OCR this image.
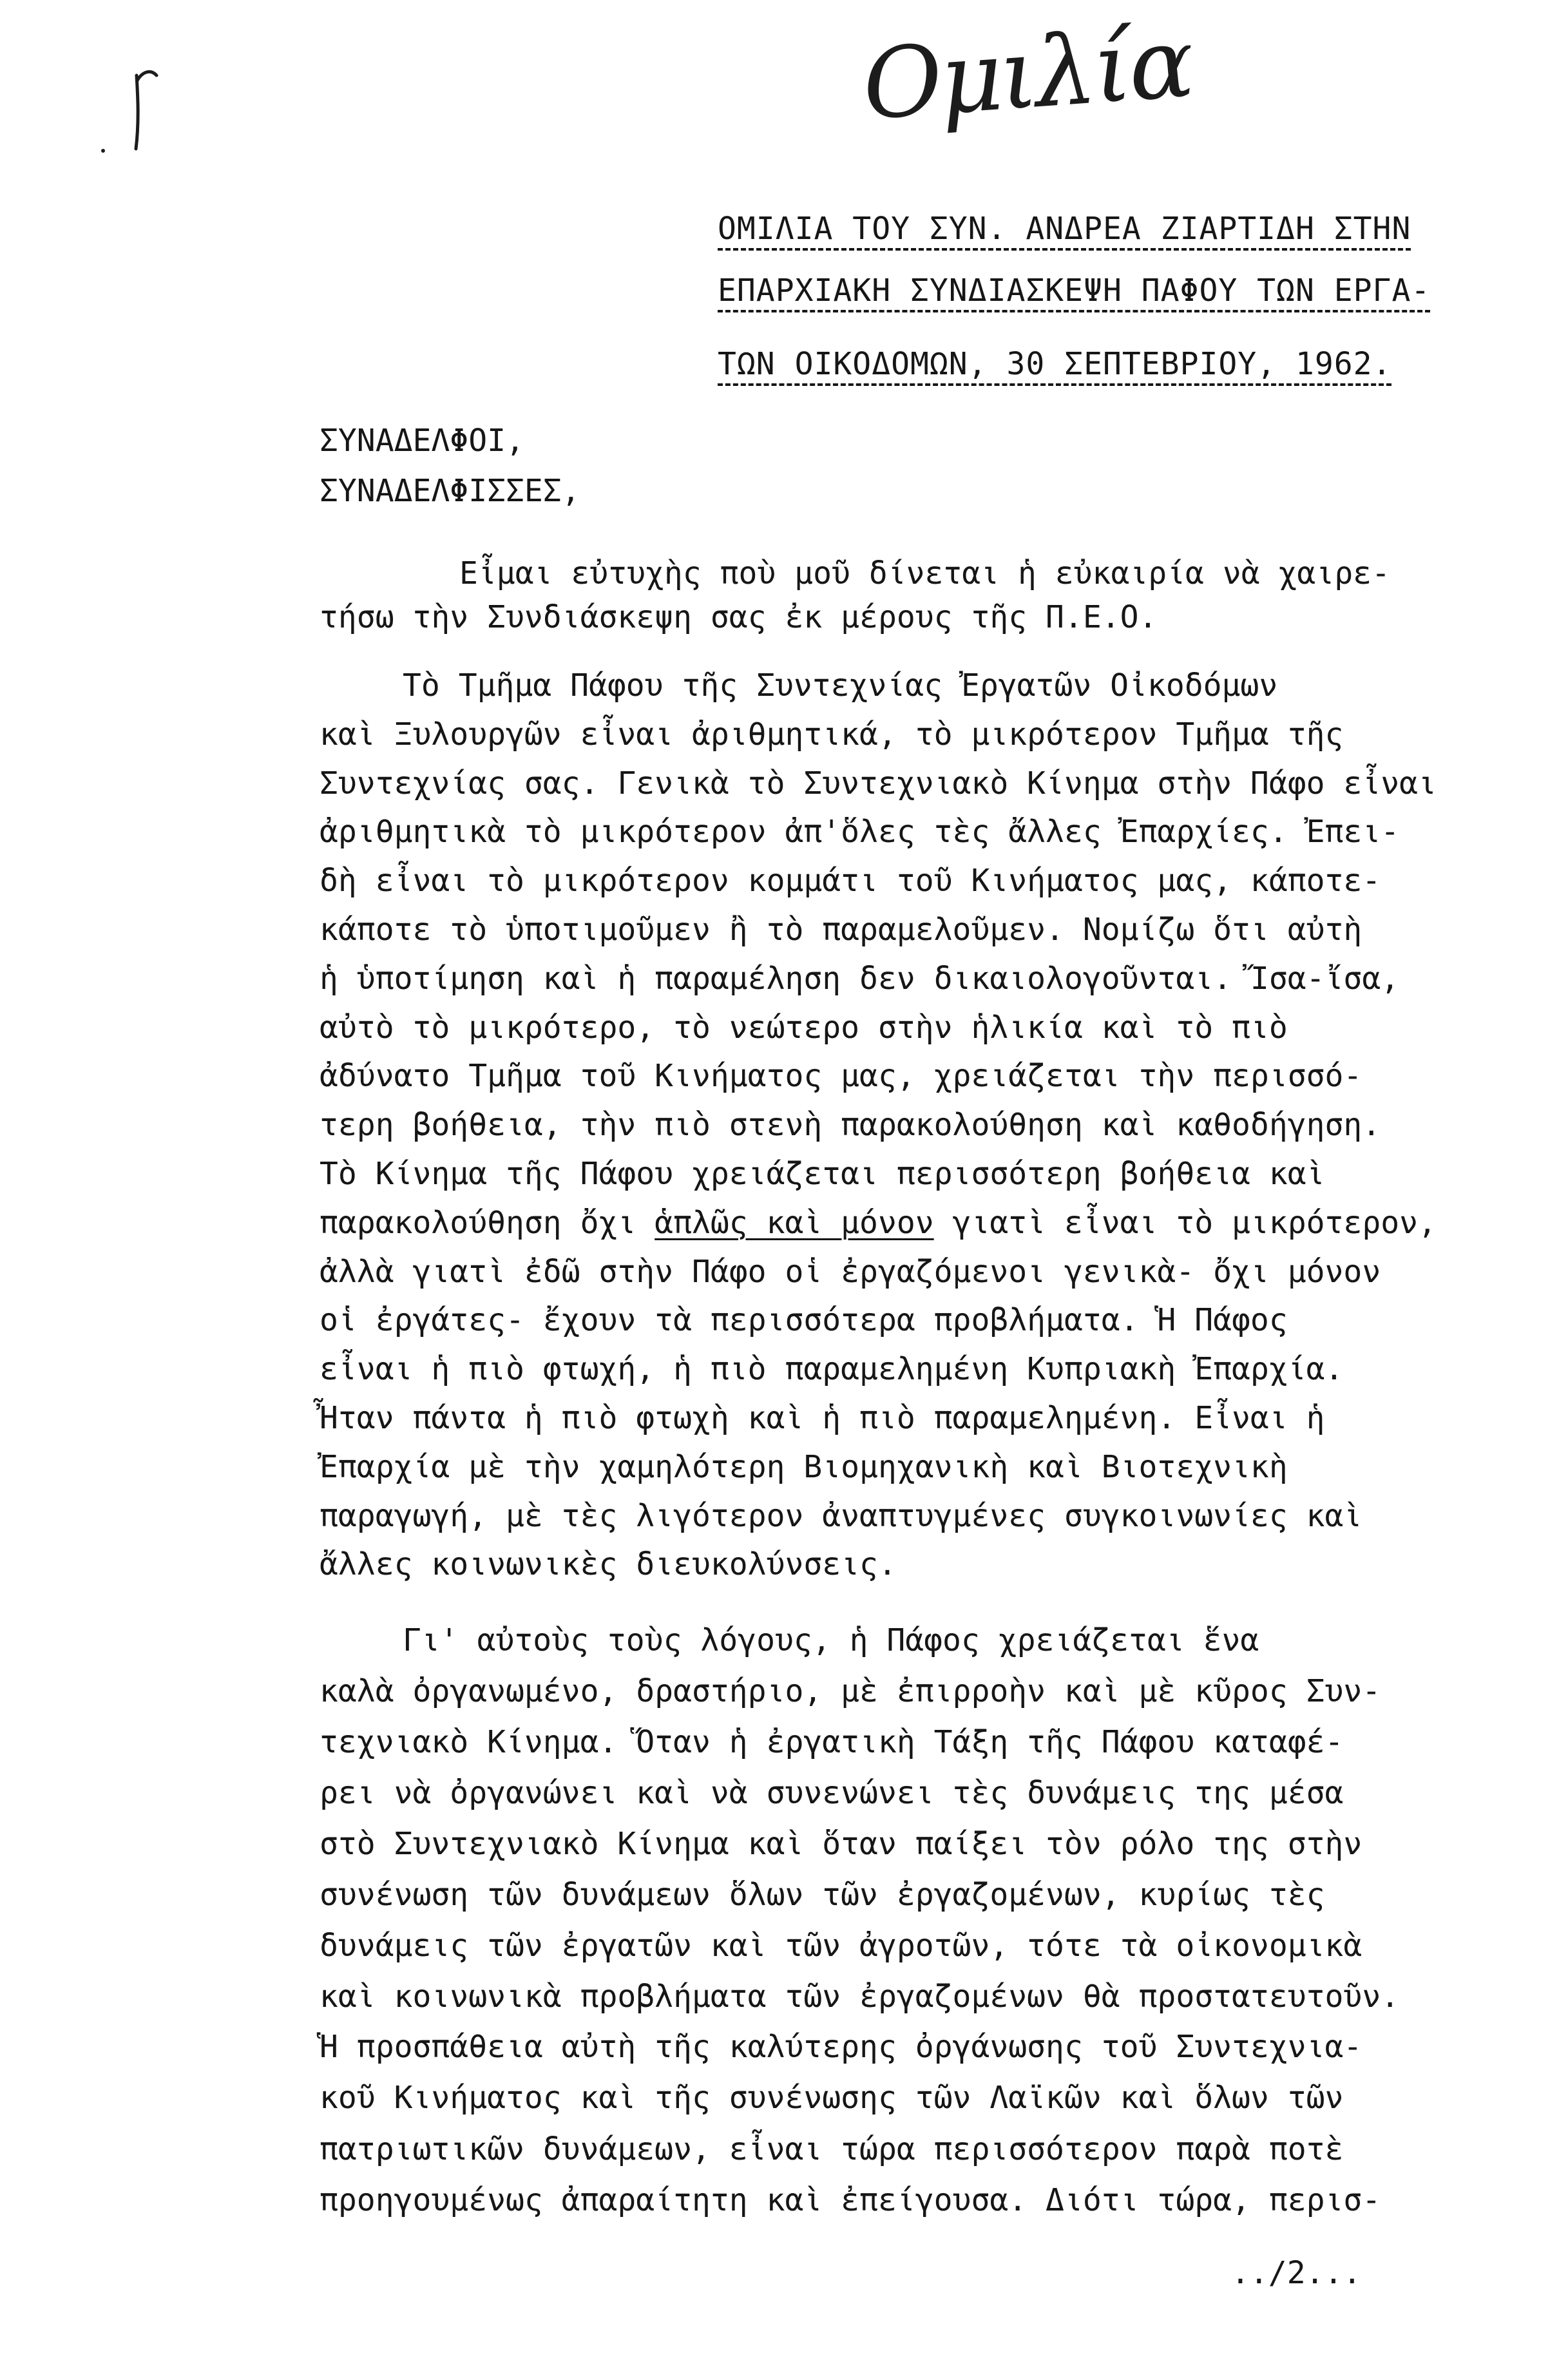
Ομιλία
ΟΜΙΛΙΑ ΤΟΥ ΣΥΝ. ΑΝΔΡΕΑ ΖΙΑΡΤΙΔΗ ΣΤΗΝ
ΕΠΑΡΧΙΑΚΗ ΣΥΝΔΙΑΣΚΕΨΗ ΠΑΦΟΥ ΤΩΝ ΕΡΓΑ-
ΤΩΝ ΟΙΚΟΔΟΜΩΝ, 30 ΣΕΠΤΕΒΡΙΟΥ, 1962.
ΣΥΝΑΔΕΛΦΟΙ,
ΣΥΝΑΔΕΛΦΙΣΣΕΣ,
Εἶμαι εὐτυχὴς ποὺ μοῦ δίνεται ἡ εὐκαιρία νὰ χαιρε-
τήσω τὴν Συνδιάσκεψη σας ἐκ μέρους τῆς Π.Ε.Ο.
Τὸ Τμῆμα Πάφου τῆς Συντεχνίας Ἐργατῶν Οἰκοδόμων
καὶ Ξυλουργῶν εἶναι ἀριθμητικά, τὸ μικρότερον Τμῆμα τῆς
Συντεχνίας σας. Γενικὰ τὸ Συντεχνιακὸ Κίνημα στὴν Πάφο εἶναι
ἀριθμητικὰ τὸ μικρότερον ἀπ'ὅλες τὲς ἄλλες Ἐπαρχίες. Ἐπει-
δὴ εἶναι τὸ μικρότερον κομμάτι τοῦ Κινήματος μας, κάποτε-
κάποτε τὸ ὑποτιμοῦμεν ἢ τὸ παραμελοῦμεν. Νομίζω ὅτι αὐτὴ
ἡ ὑποτίμηση καὶ ἡ παραμέληση δεν δικαιολογοῦνται. Ἴσα-ἴσα,
αὐτὸ τὸ μικρότερο, τὸ νεώτερο στὴν ἡλικία καὶ τὸ πιὸ
ἀδύνατο Τμῆμα τοῦ Κινήματος μας, χρειάζεται τὴν περισσό-
τερη βοήθεια, τὴν πιὸ στενὴ παρακολούθηση καὶ καθοδήγηση.
Τὸ Κίνημα τῆς Πάφου χρειάζεται περισσότερη βοήθεια καὶ
παρακολούθηση ὄχι ἁπλῶς καὶ μόνον γιατὶ εἶναι τὸ μικρότερον,
ἀλλὰ γιατὶ ἐδῶ στὴν Πάφο οἱ ἐργαζόμενοι γενικὰ- ὄχι μόνον
οἱ ἐργάτες- ἔχουν τὰ περισσότερα προβλήματα. Ἡ Πάφος
εἶναι ἡ πιὸ φτωχή, ἡ πιὸ παραμελημένη Κυπριακὴ Ἐπαρχία.
Ἦταν πάντα ἡ πιὸ φτωχὴ καὶ ἡ πιὸ παραμελημένη. Εἶναι ἡ
Ἐπαρχία μὲ τὴν χαμηλότερη Βιομηχανικὴ καὶ Βιοτεχνικὴ
παραγωγή, μὲ τὲς λιγότερον ἀναπτυγμένες συγκοινωνίες καὶ
ἄλλες κοινωνικὲς διευκολύνσεις.
Γι' αὐτοὺς τοὺς λόγους, ἡ Πάφος χρειάζεται ἕνα
καλὰ ὀργανωμένο, δραστήριο, μὲ ἐπιρροὴν καὶ μὲ κῦρος Συν-
τεχνιακὸ Κίνημα. Ὅταν ἡ ἐργατικὴ Τάξη τῆς Πάφου καταφέ-
ρει νὰ ὀργανώνει καὶ νὰ συνενώνει τὲς δυνάμεις της μέσα
στὸ Συντεχνιακὸ Κίνημα καὶ ὅταν παίξει τὸν ρόλο της στὴν
συνένωση τῶν δυνάμεων ὅλων τῶν ἐργαζομένων, κυρίως τὲς
δυνάμεις τῶν ἐργατῶν καὶ τῶν ἀγροτῶν, τότε τὰ οἰκονομικὰ
καὶ κοινωνικὰ προβλήματα τῶν ἐργαζομένων θὰ προστατευτοῦν.
Ἡ προσπάθεια αὐτὴ τῆς καλύτερης ὀργάνωσης τοῦ Συντεχνια-
κοῦ Κινήματος καὶ τῆς συνένωσης τῶν Λαϊκῶν καὶ ὅλων τῶν
πατριωτικῶν δυνάμεων, εἶναι τώρα περισσότερον παρὰ ποτὲ
προηγουμένως ἀπαραίτητη καὶ ἐπείγουσα. Διότι τώρα, περισ-
../2...
